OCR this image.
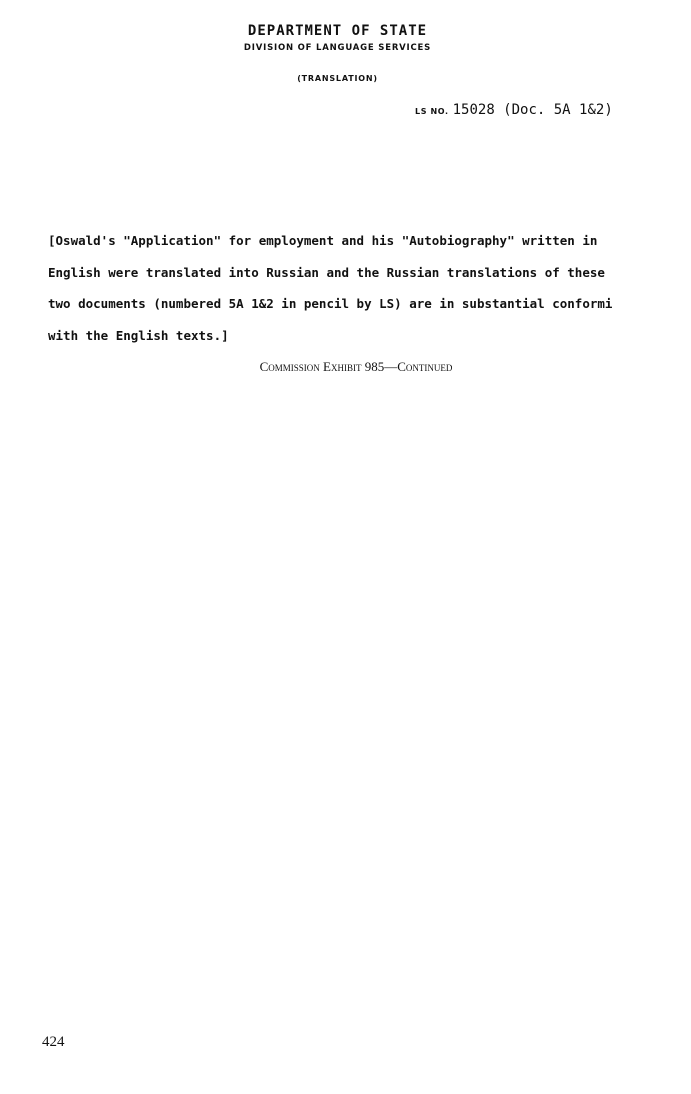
DEPARTMENT OF STATE
DIVISION OF LANGUAGE SERVICES
(TRANSLATION)
LS NO. 15028 (Doc. 5A 1&2)
[Oswald's "Application" for employment and his "Autobiography" written in
English were translated into Russian and the Russian translations of these
two documents (numbered 5A 1&2 in pencil by LS) are in substantial conformi
with the English texts.]
Commission Exhibit 985—Continued
424
